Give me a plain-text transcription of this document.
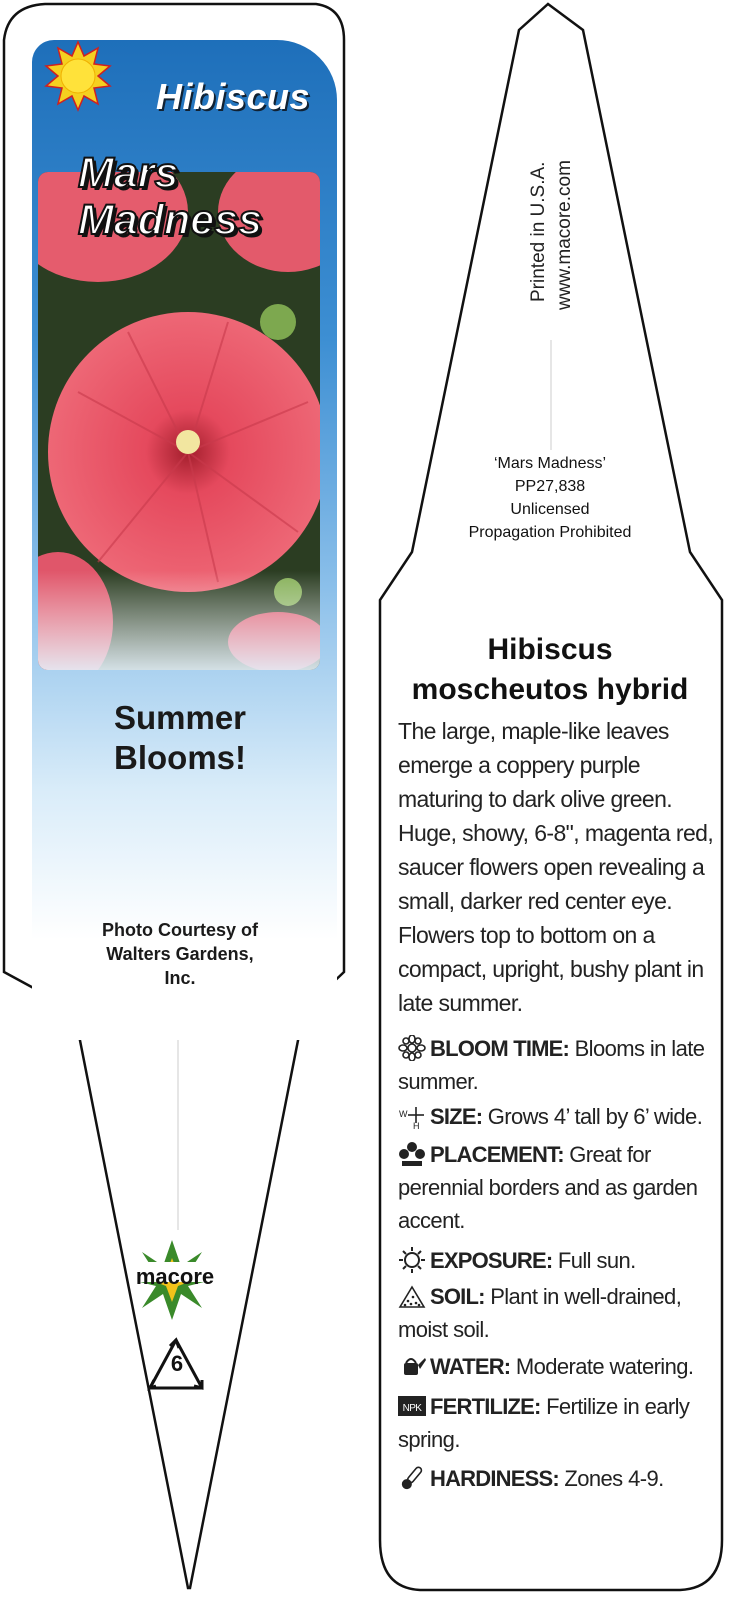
Hibiscus
Mars
Madness
Summer
Blooms!
Photo Courtesy of
Walters Gardens,
Inc.
macore
6
Printed in U.S.A. www.macore.com
‘Mars Madness’
PP27,838
Unlicensed
Propagation Prohibited
Hibiscus
moscheutos hybrid
The large, maple-like leaves emerge a coppery purple maturing to dark olive green. Huge, showy, 6-8", magenta red, saucer flowers open revealing a small, darker red center eye. Flowers top to bottom on a compact, upright, bushy plant in late summer.
BLOOM TIME: Blooms in late summer.
W
H SIZE: Grows 4’ tall by 6’ wide.
PLACEMENT: Great for perennial borders and as garden accent.
EXPOSURE: Full sun.
SOIL: Plant in well-drained, moist soil.
WATER: Moderate watering.
NPK FERTILIZE: Fertilize in early spring.
HARDINESS: Zones 4-9.
